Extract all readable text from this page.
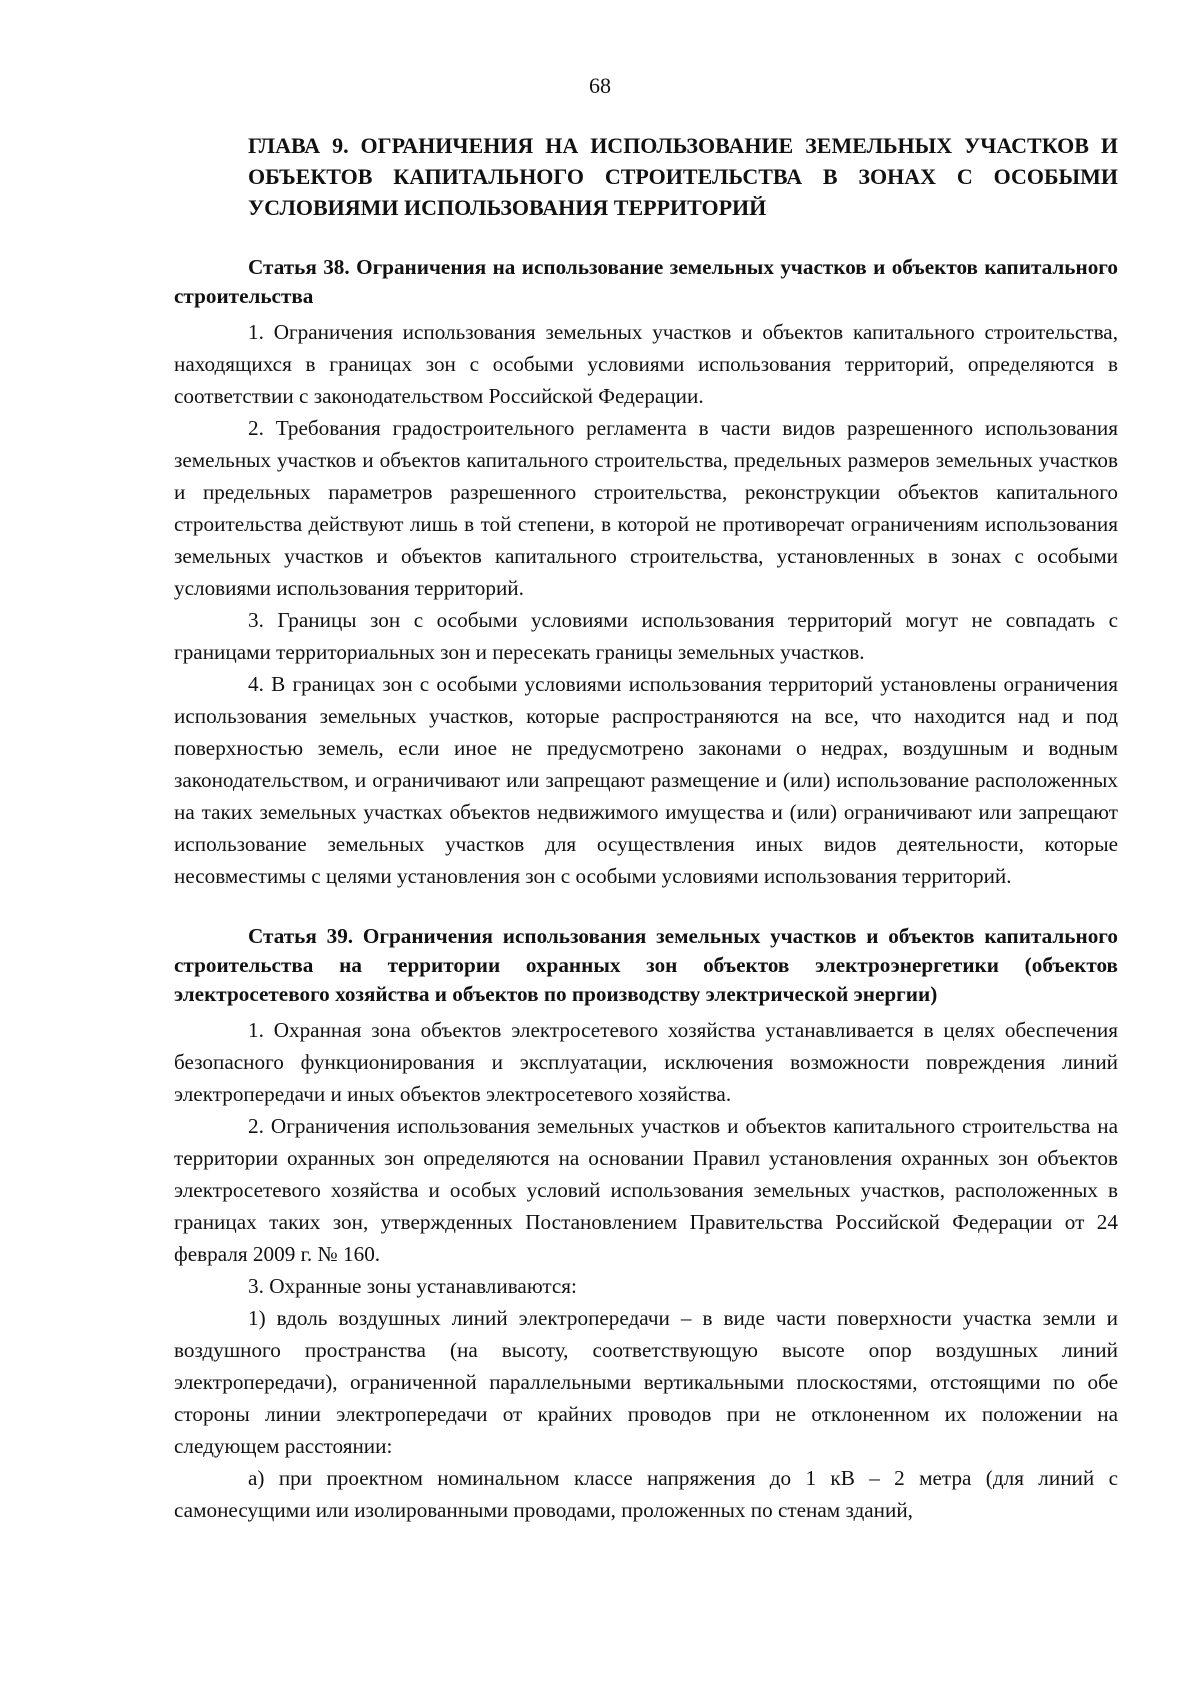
68
ГЛАВА 9. ОГРАНИЧЕНИЯ НА ИСПОЛЬЗОВАНИЕ ЗЕМЕЛЬНЫХ УЧАСТКОВ И ОБЪЕКТОВ КАПИТАЛЬНОГО СТРОИТЕЛЬСТВА В ЗОНАХ С ОСОБЫМИ УСЛОВИЯМИ ИСПОЛЬЗОВАНИЯ ТЕРРИТОРИЙ
Статья 38. Ограничения на использование земельных участков и объектов капитального строительства

1. Ограничения использования земельных участков и объектов капитального строительства, находящихся в границах зон с особыми условиями использования территорий, определяются в соответствии с законодательством Российской Федерации.

2. Требования градостроительного регламента в части видов разрешенного использования земельных участков и объектов капитального строительства, предельных размеров земельных участков и предельных параметров разрешенного строительства, реконструкции объектов капитального строительства действуют лишь в той степени, в которой не противоречат ограничениям использования земельных участков и объектов капитального строительства, установленных в зонах с особыми условиями использования территорий.

3. Границы зон с особыми условиями использования территорий могут не совпадать с границами территориальных зон и пересекать границы земельных участков.

4. В границах зон с особыми условиями использования территорий установлены ограничения использования земельных участков, которые распространяются на все, что находится над и под поверхностью земель, если иное не предусмотрено законами о недрах, воздушным и водным законодательством, и ограничивают или запрещают размещение и (или) использование расположенных на таких земельных участках объектов недвижимого имущества и (или) ограничивают или запрещают использование земельных участков для осуществления иных видов деятельности, которые несовместимы с целями установления зон с особыми условиями использования территорий.

Статья 39. Ограничения использования земельных участков и объектов капитального строительства на территории охранных зон объектов электроэнергетики (объектов электросетевого хозяйства и объектов по производству электрической энергии)

1. Охранная зона объектов электросетевого хозяйства устанавливается в целях обеспечения безопасного функционирования и эксплуатации, исключения возможности повреждения линий электропередачи и иных объектов электросетевого хозяйства.

2. Ограничения использования земельных участков и объектов капитального строительства на территории охранных зон определяются на основании Правил установления охранных зон объектов электросетевого хозяйства и особых условий использования земельных участков, расположенных в границах таких зон, утвержденных Постановлением Правительства Российской Федерации от 24 февраля 2009 г. № 160.

3. Охранные зоны устанавливаются:

1) вдоль воздушных линий электропередачи – в виде части поверхности участка земли и воздушного пространства (на высоту, соответствующую высоте опор воздушных линий электропередачи), ограниченной параллельными вертикальными плоскостями, отстоящими по обе стороны линии электропередачи от крайних проводов при не отклоненном их положении на следующем расстоянии:

а) при проектном номинальном классе напряжения до 1 кВ – 2 метра (для линий с самонесущими или изолированными проводами, проложенных по стенам зданий,
